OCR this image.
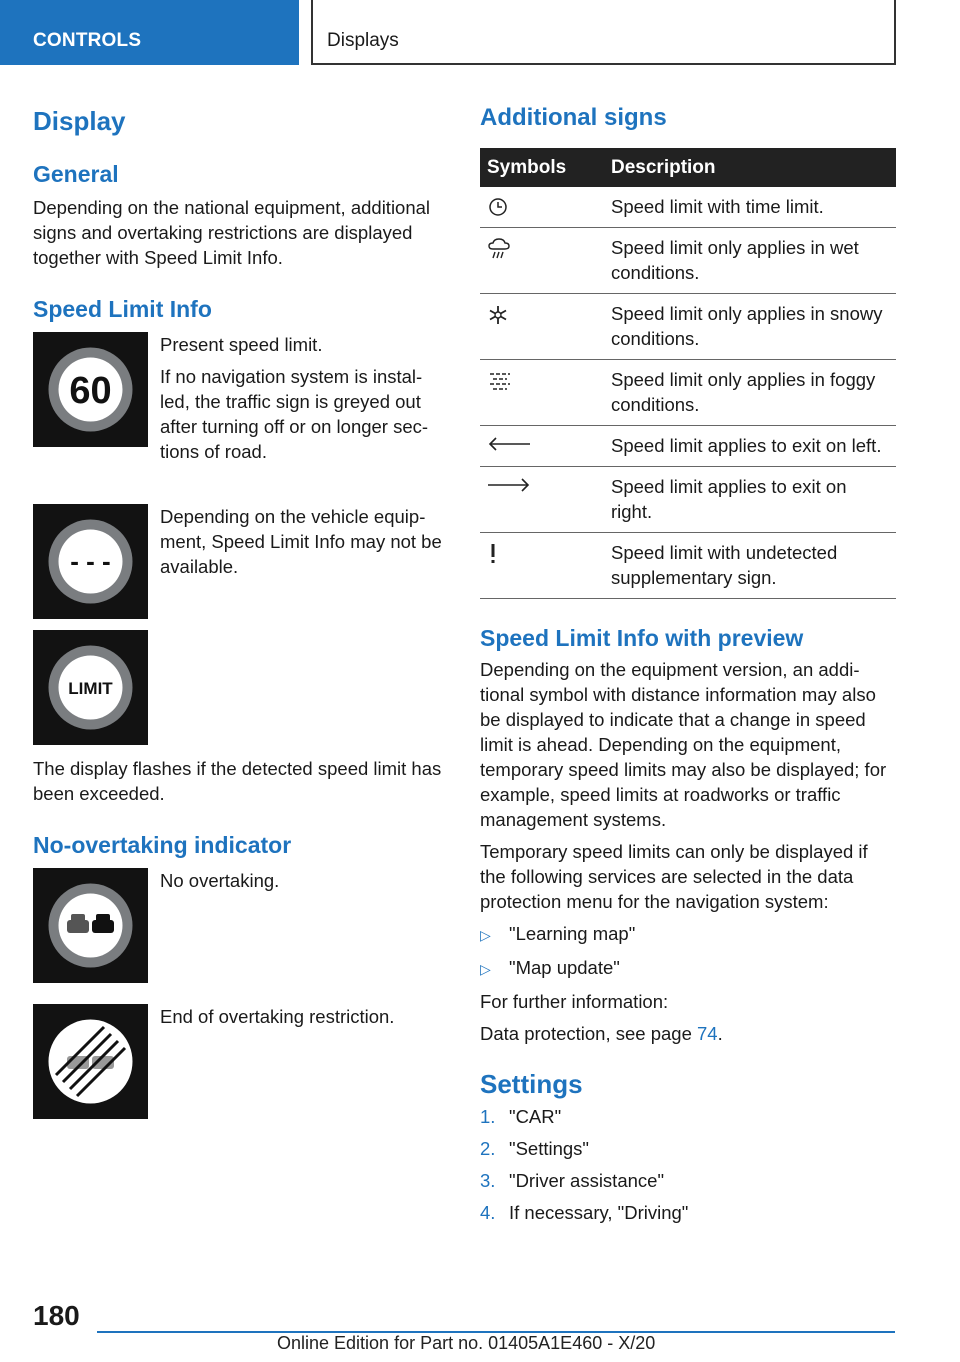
CONTROLS	Displays
Display
General
Depending on the national equipment, additional signs and overtaking restrictions are displayed together with Speed Limit Info.
Speed Limit Info
60
Present speed limit.
If no navigation system is installed, the traffic sign is greyed out after turning off or on longer sections of road.
- - -
Depending on the vehicle equipment, Speed Limit Info may not be available.
LIMIT
The display flashes if the detected speed limit has been exceeded.
No-overtaking indicator
No overtaking.
End of overtaking restriction.
Additional signs
Symbols	Description

	Speed limit with time limit.

	Speed limit only applies in wet conditions.

	Speed limit only applies in snowy conditions.

	Speed limit only applies in foggy conditions.

	Speed limit applies to exit on left.

	Speed limit applies to exit on right.

	Speed limit with undetected supplementary sign.
Speed Limit Info with preview
Depending on the equipment version, an additional symbol with distance information may also be displayed to indicate that a change in speed limit is ahead. Depending on the equipment, temporary speed limits may also be displayed; for example, speed limits at roadworks or traffic management systems.
Temporary speed limits can only be displayed if the following services are selected in the data protection menu for the navigation system:
▷ "Learning map"
▷ "Map update"
For further information:
Data protection, see page 74.
Settings
1. "CAR"
2. "Settings"
3. "Driver assistance"
4. If necessary, "Driving"
180
Online Edition for Part no. 01405A1E460 - X/20
